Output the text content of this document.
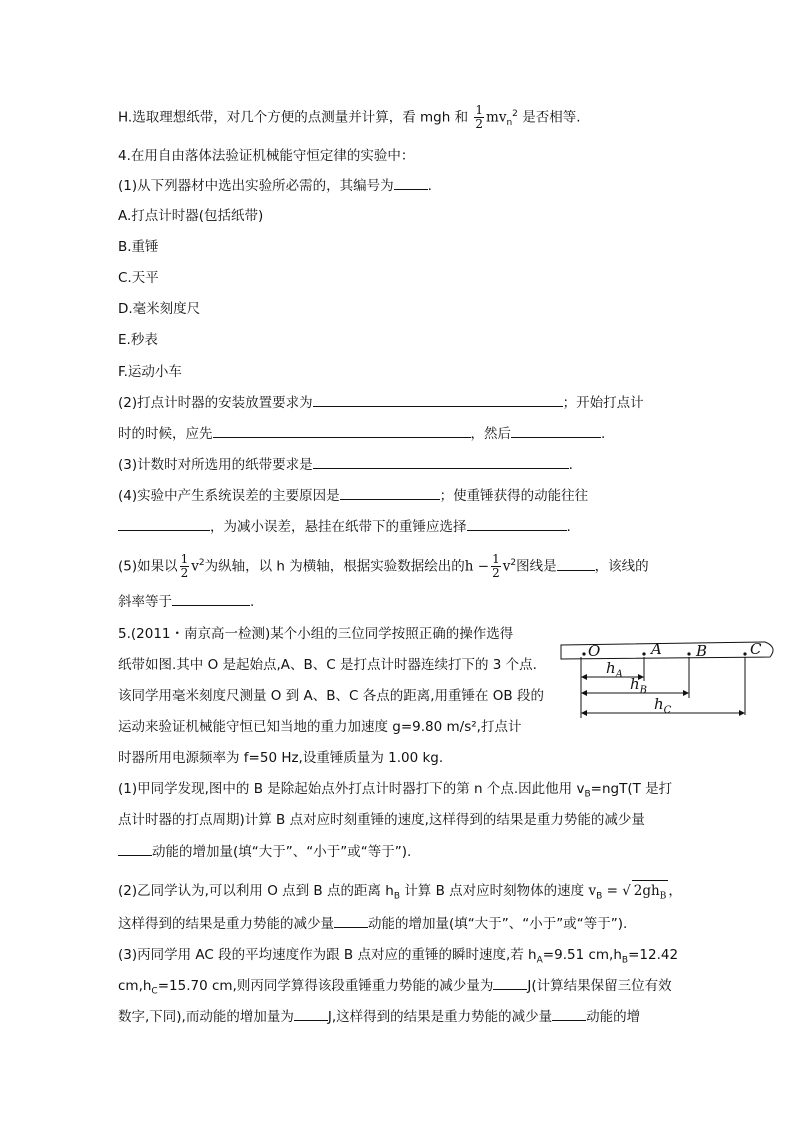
H.选取理想纸带，对几个方便的点测量并计算，看 mgh 和 $\frac{1}{2} mv_n^2$ 是否相等.
4.在用自由落体法验证机械能守恒定律的实验中：
(1)从下列器材中选出实验所必需的，其编号为	.
A.打点计时器(包括纸带)
B.重锤
C.天平
D.毫米刻度尺
E.秒表
F.运动小车
(2)打点计时器的安装放置要求为	；开始打点计
时的时候，应先	，然后	.
(3)计数时对所选用的纸带要求是	.
(4)实验中产生系统误差的主要原因是	；使重锤获得的动能往往
，为减小误差，悬挂在纸带下的重锤应选择	.
(5)如果以 $\frac{1}{2} v^2$为纵轴，以 h 为横轴，根据实验数据绘出的$h - \frac{1}{2} v^2$图线是	，该线的
斜率等于	.
5.(2011・南京高一检测)某个小组的三位同学按照正确的操作选得
纸带如图.其中 O 是起始点,A、B、C 是打点计时器连续打下的 3 个点.
该同学用毫米刻度尺测量 O 到 A、B、C 各点的距离,用重锤在 OB 段的
运动来验证机械能守恒已知当地的重力加速度 g=9.80 m/s²,打点计
时器所用电源频率为 f=50 Hz,设重锤质量为 1.00 kg.
(1)甲同学发现,图中的 B 是除起始点外打点计时器打下的第 n 个点.因此他用 $v_B=ngT(T$ 是打
点计时器的打点周期)计算 B 点对应时刻重锤的速度,这样得到的结果是重力势能的减少量
动能的增加量(填“大于”、“小于”或“等于”).
(2)乙同学认为,可以利用 O 点到 B 点的距离 $h_B$ 计算 B 点对应时刻物体的速度 $v_B$ = √ $2gh_B$ ，
这样得到的结果是重力势能的减少量	动能的增加量(填“大于”、“小于”或“等于”).
(3)丙同学用 AC 段的平均速度作为跟 B 点对应的重锤的瞬时速度,若 $h_A=9.51$ $cm,h_B=12.42$
$cm,h_C=15.70$ cm,则丙同学算得该段重锤重力势能的减少量为	J(计算结果保留三位有效
数字,下同),而动能的增加量为	J,这样得到的结果是重力势能的减少量	动能的增
O	A B	C
$h_A$
$h_B$
$h_C$
